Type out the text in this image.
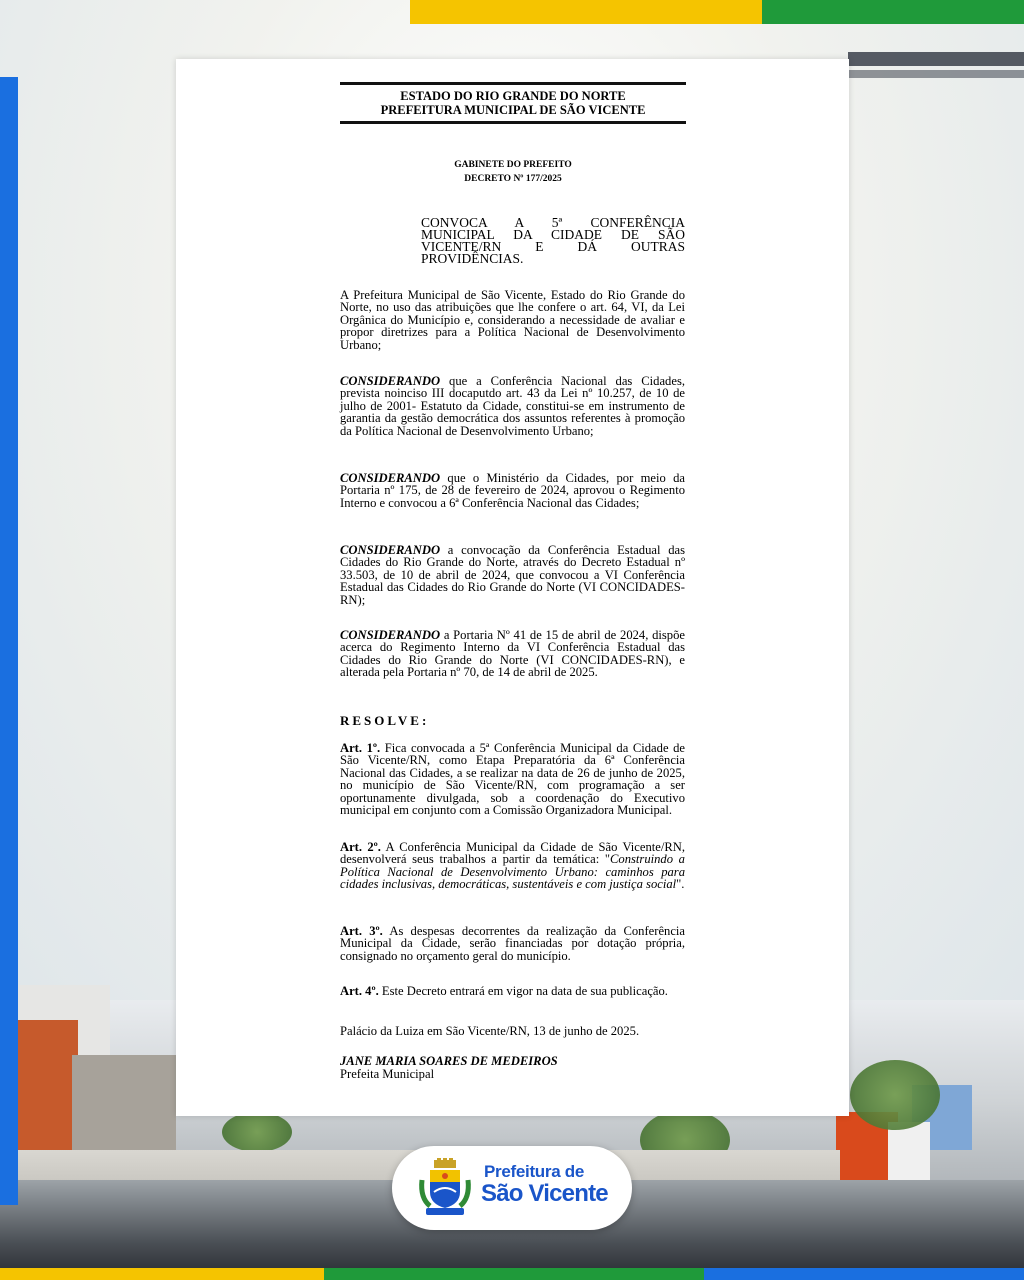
ESTADO DO RIO GRANDE DO NORTE
PREFEITURA MUNICIPAL DE SÃO VICENTE
GABINETE DO PREFEITO
DECRETO Nº 177/2025
CONVOCA A 5ª CONFERÊNCIA
MUNICIPAL DA CIDADE DE SÃO
VICENTE/RN E DÁ OUTRAS
PROVIDÊNCIAS.
A Prefeitura Municipal de São Vicente, Estado do Rio Grande do Norte, no uso das atribuições que lhe confere o art. 64, VI, da Lei Orgânica do Município e, considerando a necessidade de avaliar e propor diretrizes para a Política Nacional de Desenvolvimento Urbano;
CONSIDERANDO que a Conferência Nacional das Cidades, prevista noinciso III docaputdo art. 43 da Lei nº 10.257, de 10 de julho de 2001- Estatuto da Cidade, constitui-se em instrumento de garantia da gestão democrática dos assuntos referentes à promoção da Política Nacional de Desenvolvimento Urbano;
CONSIDERANDO que o Ministério da Cidades, por meio da Portaria nº 175, de 28 de fevereiro de 2024, aprovou o Regimento Interno e convocou a 6ª Conferência Nacional das Cidades;
CONSIDERANDO a convocação da Conferência Estadual das Cidades do Rio Grande do Norte, através do Decreto Estadual nº 33.503, de 10 de abril de 2024, que convocou a VI Conferência Estadual das Cidades do Rio Grande do Norte (VI CONCIDADES-RN);
CONSIDERANDO a Portaria Nº 41 de 15 de abril de 2024, dispõe acerca do Regimento Interno da VI Conferência Estadual das Cidades do Rio Grande do Norte (VI CONCIDADES-RN), e alterada pela Portaria nº 70, de 14 de abril de 2025.
RESOLVE:
Art. 1º. Fica convocada a 5ª Conferência Municipal da Cidade de São Vicente/RN, como Etapa Preparatória da 6ª Conferência Nacional das Cidades, a se realizar na data de 26 de junho de 2025, no município de São Vicente/RN, com programação a ser oportunamente divulgada, sob a coordenação do Executivo municipal em conjunto com a Comissão Organizadora Municipal.
Art. 2º. A Conferência Municipal da Cidade de São Vicente/RN, desenvolverá seus trabalhos a partir da temática: "Construindo a Política Nacional de Desenvolvimento Urbano: caminhos para cidades inclusivas, democráticas, sustentáveis e com justiça social".
Art. 3º. As despesas decorrentes da realização da Conferência Municipal da Cidade, serão financiadas por dotação própria, consignado no orçamento geral do município.
Art. 4º. Este Decreto entrará em vigor na data de sua publicação.
Palácio da Luiza em São Vicente/RN, 13 de junho de 2025.
JANE MARIA SOARES DE MEDEIROS
Prefeita Municipal
Prefeitura de
São Vicente
